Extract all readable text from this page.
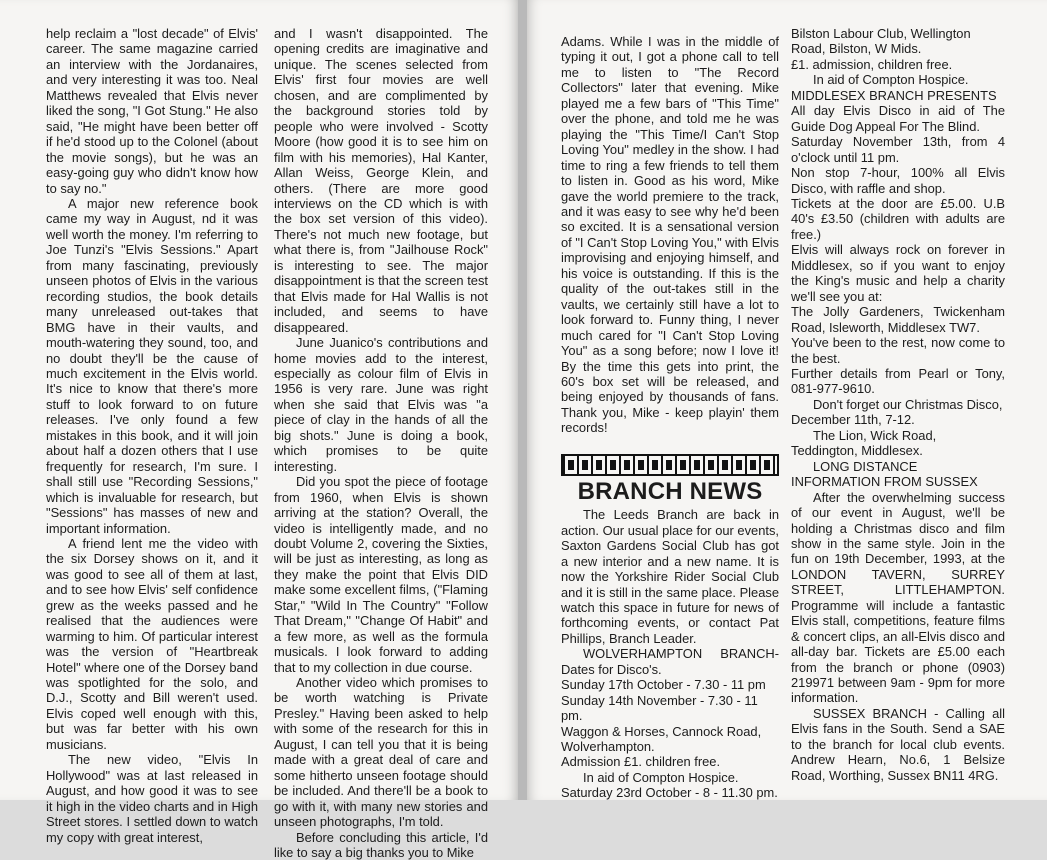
help reclaim a "lost decade" of Elvis' career. The same magazine carried an interview with the Jordanaires, and very interesting it was too. Neal Matthews revealed that Elvis never liked the song, "I Got Stung." He also said, "He might have been better off if he'd stood up to the Colonel (about the movie songs), but he was an easy-going guy who didn't know how to say no."

A major new reference book came my way in August, nd it was well worth the money. I'm referring to Joe Tunzi's "Elvis Sessions." Apart from many fascinating, previously unseen photos of Elvis in the various recording studios, the book details many unreleased out-takes that BMG have in their vaults, and mouth-watering they sound, too, and no doubt they'll be the cause of much excitement in the Elvis world. It's nice to know that there's more stuff to look forward to on future releases. I've only found a few mistakes in this book, and it will join about half a dozen others that I use frequently for research, I'm sure. I shall still use "Recording Sessions," which is invaluable for research, but "Sessions" has masses of new and important information.

A friend lent me the video with the six Dorsey shows on it, and it was good to see all of them at last, and to see how Elvis' self confidence grew as the weeks passed and he realised that the audiences were warming to him. Of particular interest was the version of "Heartbreak Hotel" where one of the Dorsey band was spotlighted for the solo, and D.J., Scotty and Bill weren't used. Elvis coped well enough with this, but was far better with his own musicians.

The new video, "Elvis In Hollywood" was at last released in August, and how good it was to see it high in the video charts and in High Street stores. I settled down to watch my copy with great interest,

and I wasn't disappointed. The opening credits are imaginative and unique. The scenes selected from Elvis' first four movies are well chosen, and are complimented by the background stories told by people who were involved - Scotty Moore (how good it is to see him on film with his memories), Hal Kanter, Allan Weiss, George Klein, and others. (There are more good interviews on the CD which is with the box set version of this video). There's not much new footage, but what there is, from "Jailhouse Rock" is interesting to see. The major disappointment is that the screen test that Elvis made for Hal Wallis is not included, and seems to have disappeared.

June Juanico's contributions and home movies add to the interest, especially as colour film of Elvis in 1956 is very rare. June was right when she said that Elvis was "a piece of clay in the hands of all the big shots." June is doing a book, which promises to be quite interesting.

Did you spot the piece of footage from 1960, when Elvis is shown arriving at the station? Overall, the video is intelligently made, and no doubt Volume 2, covering the Sixties, will be just as interesting, as long as they make the point that Elvis DID make some excellent films, ("Flaming Star," "Wild In The Country" "Follow That Dream," "Change Of Habit" and a few more, as well as the formula musicals. I look forward to adding that to my collection in due course.

Another video which promises to be worth watching is Private Presley." Having been asked to help with some of the research for this in August, I can tell you that it is being made with a great deal of care and some hitherto unseen footage should be included. And there'll be a book to go with it, with many new stories and unseen photographs, I'm told.

Before concluding this article, I'd like to say a big thanks you to Mike

Adams. While I was in the middle of typing it out, I got a phone call to tell me to listen to "The Record Collectors" later that evening. Mike played me a few bars of "This Time" over the phone, and told me he was playing the "This Time/I Can't Stop Loving You" medley in the show. I had time to ring a few friends to tell them to listen in. Good as his word, Mike gave the world premiere to the track, and it was easy to see why he'd been so excited. It is a sensational version of "I Can't Stop Loving You," with Elvis improvising and enjoying himself, and his voice is outstanding. If this is the quality of the out-takes still in the vaults, we certainly still have a lot to look forward to. Funny thing, I never much cared for "I Can't Stop Loving You" as a song before; now I love it! By the time this gets into print, the 60's box set will be released, and being enjoyed by thousands of fans. Thank you, Mike - keep playin' them records!

BRANCH NEWS

The Leeds Branch are back in action. Our usual place for our events, Saxton Gardens Social Club has got a new interior and a new name. It is now the Yorkshire Rider Social Club and it is still in the same place. Please watch this space in future for news of forthcoming events, or contact Pat Phillips, Branch Leader.

WOLVERHAMPTON BRANCH- Dates for Disco's.

Sunday 17th October - 7.30 - 11 pm

Sunday 14th November - 7.30 - 11 pm.

Waggon & Horses, Cannock Road, Wolverhampton.

Admission £1. children free.

In aid of Compton Hospice.

Saturday 23rd October - 8 - 11.30 pm.

Bilston Labour Club, Wellington Road, Bilston, W Mids.

£1. admission, children free.

In aid of Compton Hospice.

MIDDLESEX BRANCH PRESENTS

All day Elvis Disco in aid of The Guide Dog Appeal For The Blind.

Saturday November 13th, from 4 o'clock until 11 pm.

Non stop 7-hour, 100% all Elvis Disco, with raffle and shop.

Tickets at the door are £5.00. U.B 40's £3.50 (children with adults are free.)

Elvis will always rock on forever in Middlesex, so if you want to enjoy the King's music and help a charity we'll see you at:

The Jolly Gardeners, Twickenham Road, Isleworth, Middlesex TW7.

You've been to the rest, now come to the best.

Further details from Pearl or Tony, 081-977-9610.

Don't forget our Christmas Disco, December 11th, 7-12.

The Lion, Wick Road, Teddington, Middlesex.

LONG DISTANCE INFORMATION FROM SUSSEX

After the overwhelming success of our event in August, we'll be holding a Christmas disco and film show in the same style. Join in the fun on 19th December, 1993, at the LONDON TAVERN, SURREY STREET, LITTLEHAMPTON. Programme will include a fantastic Elvis stall, competitions, feature films & concert clips, an all-Elvis disco and all-day bar. Tickets are £5.00 each from the branch or phone (0903) 219971 between 9am - 9pm for more information.

SUSSEX BRANCH - Calling all Elvis fans in the South. Send a SAE to the branch for local club events. Andrew Hearn, No.6, 1 Belsize Road, Worthing, Sussex BN11 4RG.
